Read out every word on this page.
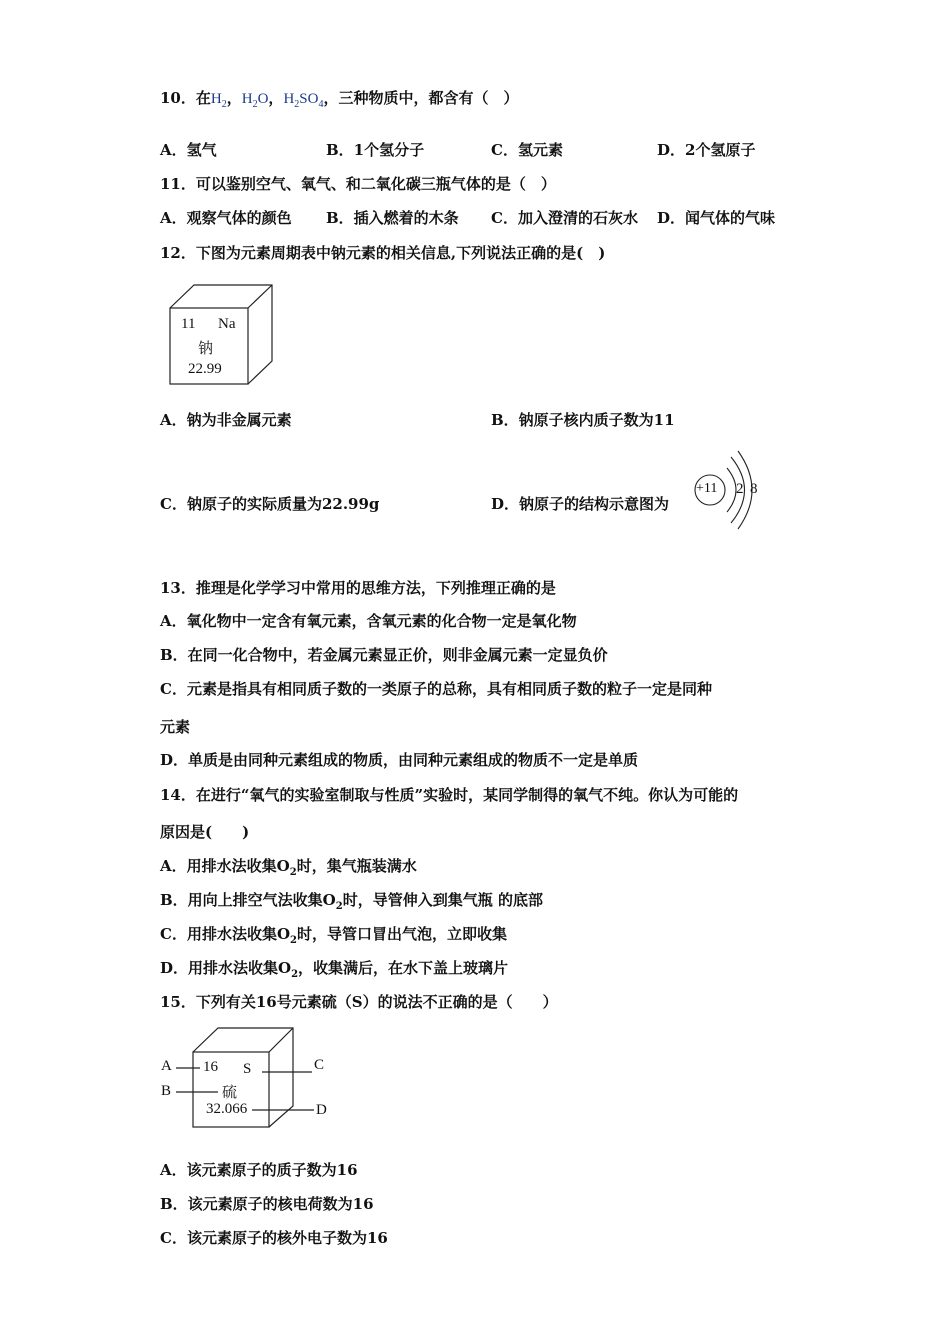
10．在$H_2$，$H_2O$，$H_2SO_4$，三种物质中，都含有（　）
A．氢气	B．1个氢分子	C．氢元素	D．2个氢原子
11．可以鉴别空气、氧气、和二氧化碳三瓶气体的是（　）
A．观察气体的颜色 B．插入燃着的木条 C．加入澄清的石灰水 D．闻气体的气味
12．下图为元素周期表中钠元素的相关信息,下列说法正确的是(　)
11 Na
钠
22.99
A．钠为非金属元素	B．钠原子核内质子数为11
C．钠原子的实际质量为22.99g	D．钠原子的结构示意图为
+11 2 8
13．推理是化学学习中常用的思维方法，下列推理正确的是
A．氧化物中一定含有氧元素，含氧元素的化合物一定是氧化物
B．在同一化合物中，若金属元素显正价，则非金属元素一定显负价
C．元素是指具有相同质子数的一类原子的总称，具有相同质子数的粒子一定是同种
元素
D．单质是由同种元素组成的物质，由同种元素组成的物质不一定是单质
14．在进行“氧气的实验室制取与性质”实验时，某同学制得的氧气不纯。你认为可能的
原因是(　　)
A．用排水法收集$O_2$时，集气瓶装满水
B．用向上排空气法收集$O_2$时，导管伸入到集气瓶 的底部
C．用排水法收集$O_2$时，导管口冒出气泡，立即收集
D．用排水法收集$O_2$，收集满后，在水下盖上玻璃片
15．下列有关16号元素硫（S）的说法不正确的是（　　）
A
B
C
D
16 S
硫
32.066
A．该元素原子的质子数为16
B．该元素原子的核电荷数为16
C．该元素原子的核外电子数为16
